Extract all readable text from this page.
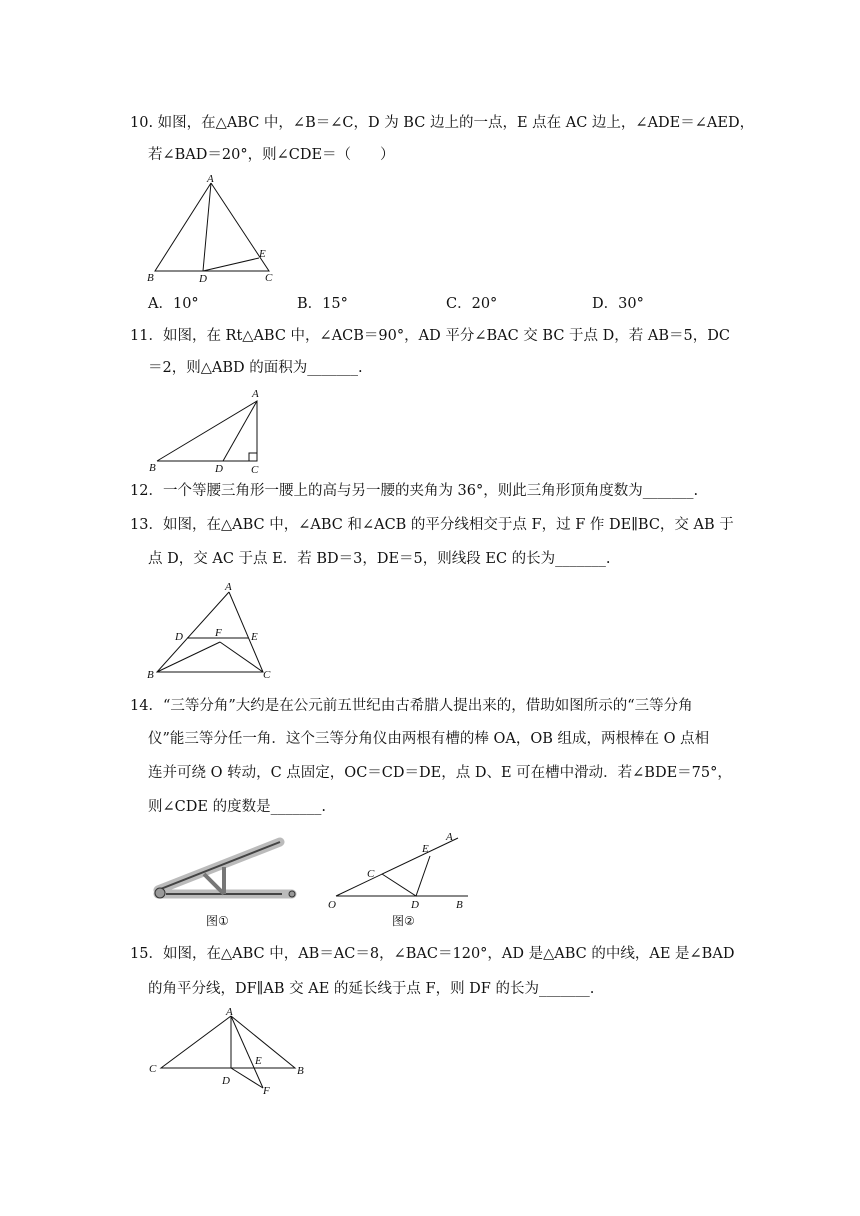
10. 如图，在△ABC 中，∠B＝∠C，D 为 BC 边上的一点，E 点在 AC 边上，∠ADE＝∠AED，
若∠BAD＝20°，则∠CDE＝（　　）
A
B	D	C
E
A．10°	B．15°	C．20°	D．30°
11．如图，在 Rt△ABC 中，∠ACB＝90°，AD 平分∠BAC 交 BC 于点 D，若 AB＝5，DC
＝2，则△ABD 的面积为_______.
A
B	D	C
12．一个等腰三角形一腰上的高与另一腰的夹角为 36°，则此三角形顶角度数为_______.
13．如图，在△ABC 中，∠ABC 和∠ACB 的平分线相交于点 F，过 F 作 DE∥BC，交 AB 于
点 D，交 AC 于点 E．若 BD＝3，DE＝5，则线段 EC 的长为_______.
A
D	F	E
B	C
14．“三等分角”大约是在公元前五世纪由古希腊人提出来的，借助如图所示的“三等分角
仪”能三等分任一角．这个三等分角仪由两根有槽的棒 OA，OB 组成，两根棒在 O 点相
连并可绕 O 转动，C 点固定，OC＝CD＝DE，点 D、E 可在槽中滑动．若∠BDE＝75°，
则∠CDE 的度数是_______.
图①
A
E
C
O	D	B
图②
15．如图，在△ABC 中，AB＝AC＝8，∠BAC＝120°，AD 是△ABC 的中线，AE 是∠BAD
的角平分线，DF∥AB 交 AE 的延长线于点 F，则 DF 的长为_______.
A
C	B
E
D
F
